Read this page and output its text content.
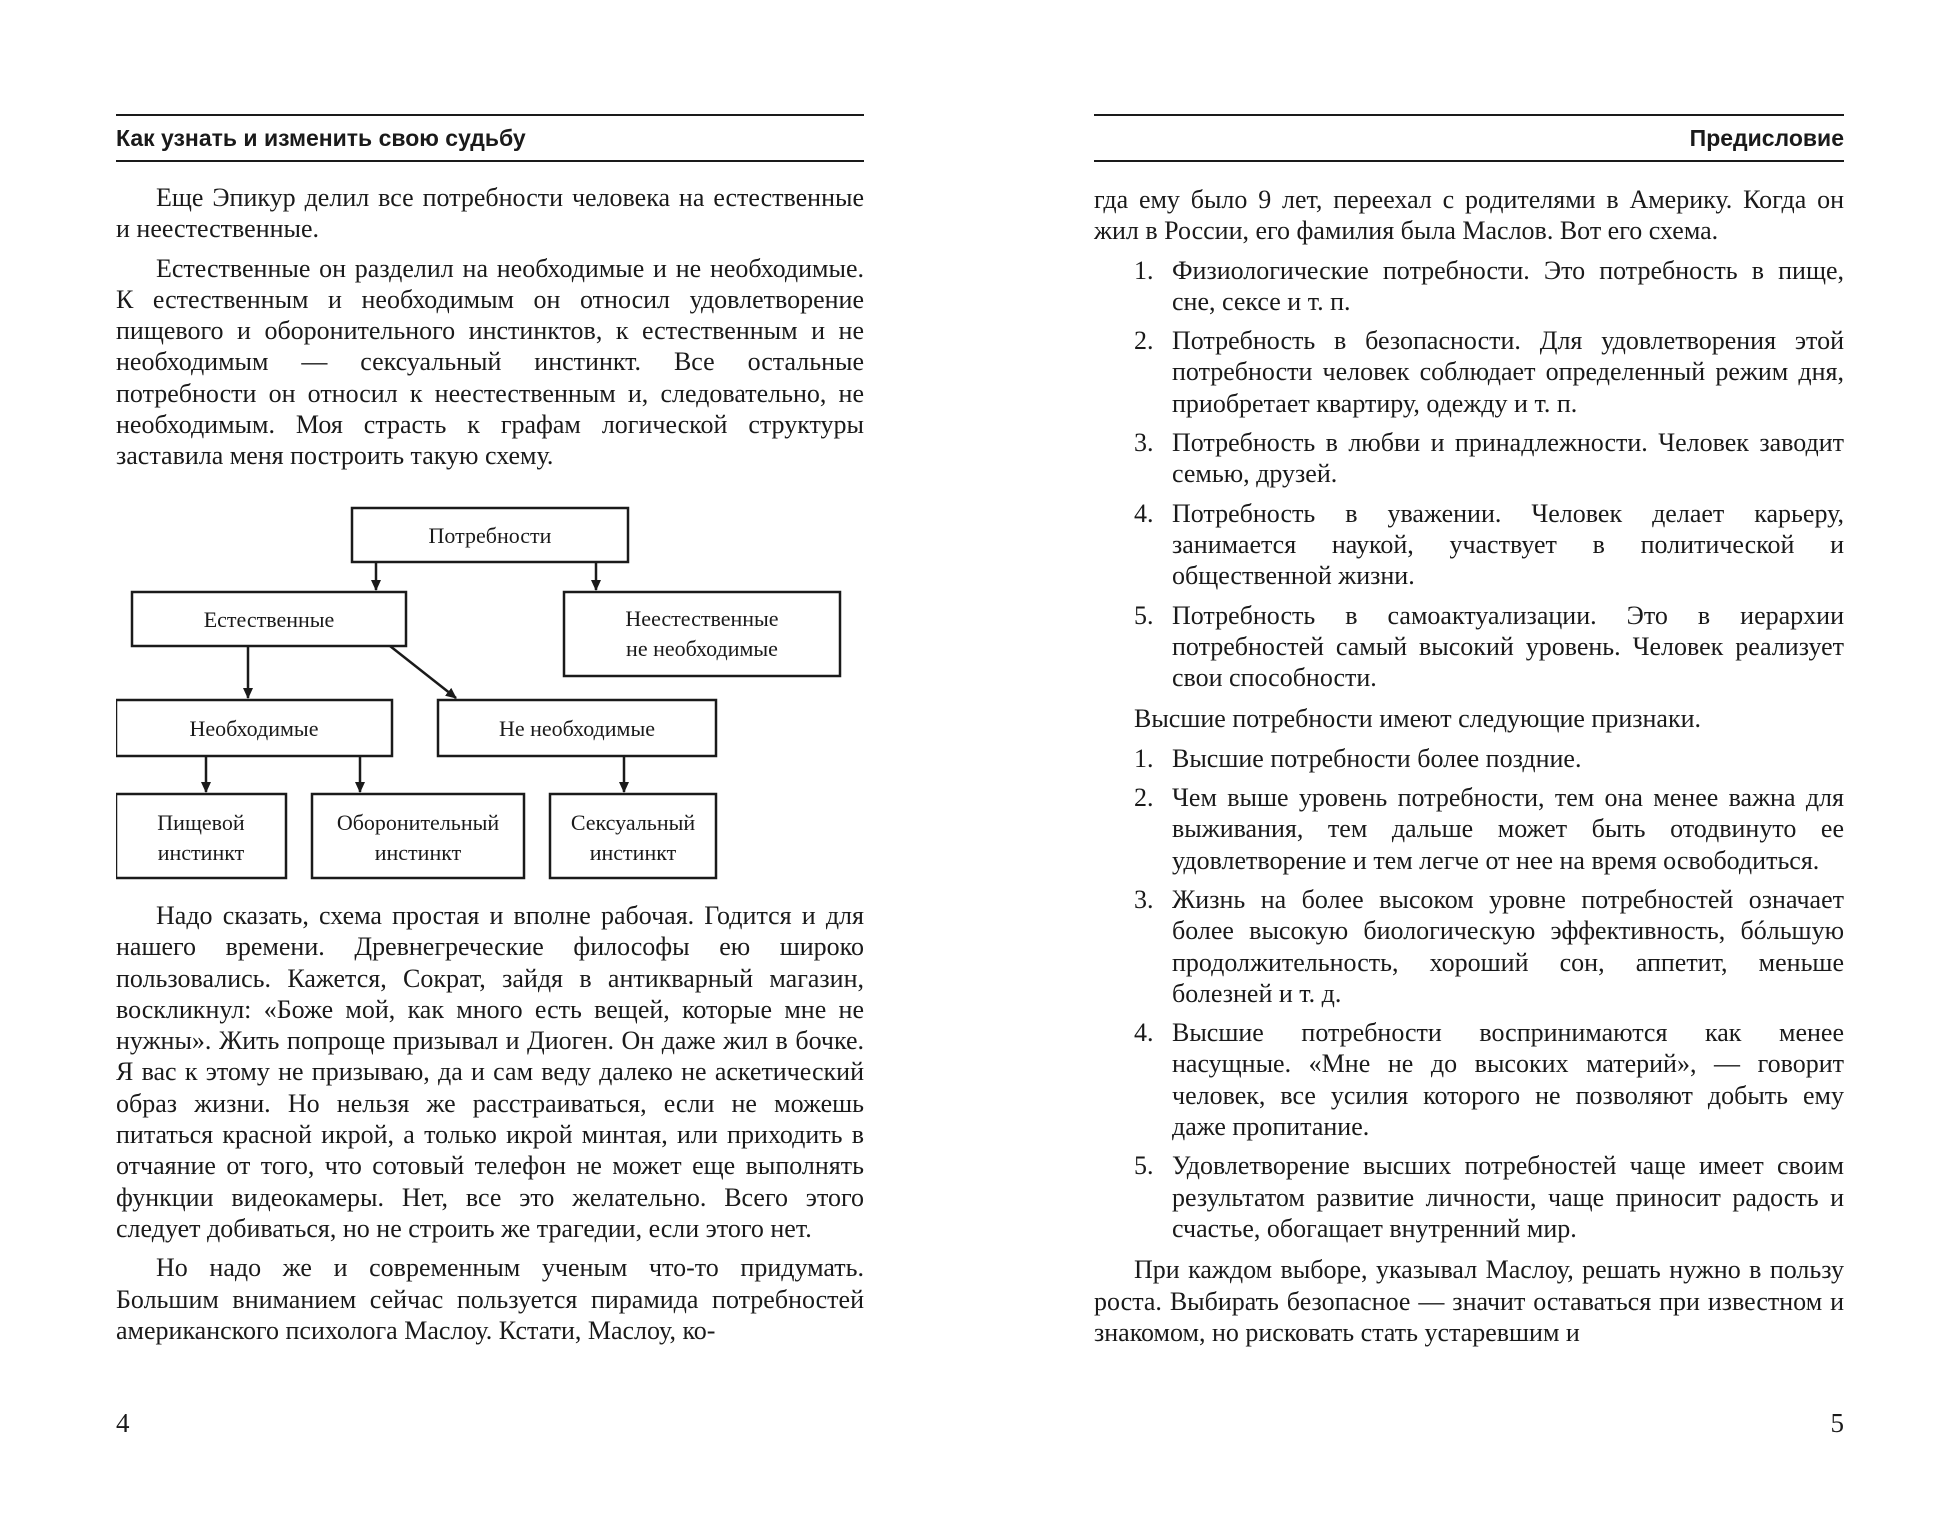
Как узнать и изменить свою судьбу

Еще Эпикур делил все потребности человека на естественные и неестественные.

Естественные он разделил на необходимые и не необходимые. К естественным и необходимым он относил удовлетворение пищевого и оборонительного инстинктов, к естественным и не необходимым — сексуальный инстинкт. Все остальные потребности он относил к неестественным и, следовательно, не необходимым. Моя страсть к графам логической структуры заставила меня построить такую схему.

Потребности
Естественные	Неестественные
не необходимые
Необходимые	Не необходимые
Пищевой
инстинкт
Оборонительный
инстинкт
Сексуальный
инстинкт

Надо сказать, схема простая и вполне рабочая. Годится и для нашего времени. Древнегреческие философы ею широко пользовались. Кажется, Сократ, зайдя в антикварный магазин, воскликнул: «Боже мой, как много есть вещей, которые мне не нужны». Жить попроще призывал и Диоген. Он даже жил в бочке. Я вас к этому не призываю, да и сам веду далеко не аскетический образ жизни. Но нельзя же расстраиваться, если не можешь питаться красной икрой, а только икрой минтая, или приходить в отчаяние от того, что сотовый телефон не может еще выполнять функции видеокамеры. Нет, все это желательно. Всего этого следует добиваться, но не строить же трагедии, если этого нет.

Но надо же и современным ученым что-то придумать. Большим вниманием сейчас пользуется пирамида потребностей американского психолога Маслоу. Кстати, Маслоу, ко-

4
Предисловие

гда ему было 9 лет, переехал с родителями в Америку. Когда он жил в России, его фамилия была Маслов. Вот его схема.

1. Физиологические потребности. Это потребность в пище, сне, сексе и т. п.
2. Потребность в безопасности. Для удовлетворения этой потребности человек соблюдает определенный режим дня, приобретает квартиру, одежду и т. п.
3. Потребность в любви и принадлежности. Человек заводит семью, друзей.
4. Потребность в уважении. Человек делает карьеру, занимается наукой, участвует в политической и общественной жизни.
5. Потребность в самоактуализации. Это в иерархии потребностей самый высокий уровень. Человек реализует свои способности.

Высшие потребности имеют следующие признаки.

1. Высшие потребности более поздние.
2. Чем выше уровень потребности, тем она менее важна для выживания, тем дальше может быть отодвинуто ее удовлетворение и тем легче от нее на время освободиться.
3. Жизнь на более высоком уровне потребностей означает более высокую биологическую эффективность, бóльшую продолжительность, хороший сон, аппетит, меньше болезней и т. д.
4. Высшие потребности воспринимаются как менее насущные. «Мне не до высоких материй», — говорит человек, все усилия которого не позволяют добыть ему даже пропитание.
5. Удовлетворение высших потребностей чаще имеет своим результатом развитие личности, чаще приносит радость и счастье, обогащает внутренний мир.

При каждом выборе, указывал Маслоу, решать нужно в пользу роста. Выбирать безопасное — значит оставаться при известном и знакомом, но рисковать стать устаревшим и

5
